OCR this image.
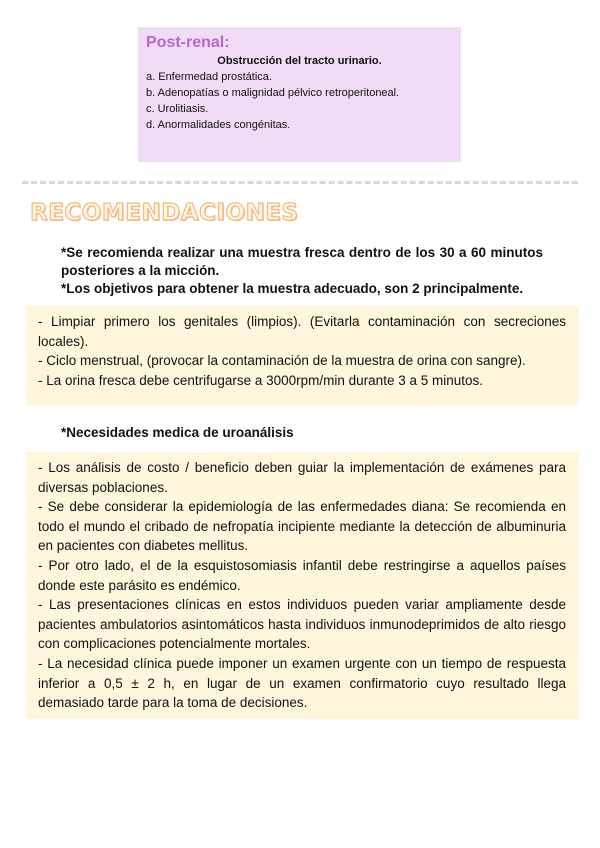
Post-renal:
Obstrucción del tracto urinario.
a. Enfermedad prostática.
b. Adenopatías o malignidad pélvico retroperitoneal.
c. Urolitiasis.
d. Anormalidades congénitas.
RECOMENDACIONES

*Se recomienda realizar una muestra fresca dentro de los 30 a 60 minutos posteriores a la micción.

*Los objetivos para obtener la muestra adecuado, son 2 principalmente.

- Limpiar primero los genitales (limpios). (Evitarla contaminación con secreciones locales).

- Ciclo menstrual, (provocar la contaminación de la muestra de orina con sangre).

- La orina fresca debe centrifugarse a 3000rpm/min durante 3 a 5 minutos.

*Necesidades medica de uroanálisis

- Los análisis de costo / beneficio deben guiar la implementación de exámenes para diversas poblaciones.

- Se debe considerar la epidemiología de las enfermedades diana: Se recomienda en todo el mundo el cribado de nefropatía incipiente mediante la detección de albuminuria en pacientes con diabetes mellitus.

- Por otro lado, el de la esquistosomiasis infantil debe restringirse a aquellos países donde este parásito es endémico.

- Las presentaciones clínicas en estos individuos pueden variar ampliamente desde pacientes ambulatorios asintomáticos hasta individuos inmunodeprimidos de alto riesgo con complicaciones potencialmente mortales.

- La necesidad clínica puede imponer un examen urgente con un tiempo de respuesta inferior a 0,5 ± 2 h, en lugar de un examen confirmatorio cuyo resultado llega demasiado tarde para la toma de decisiones.
